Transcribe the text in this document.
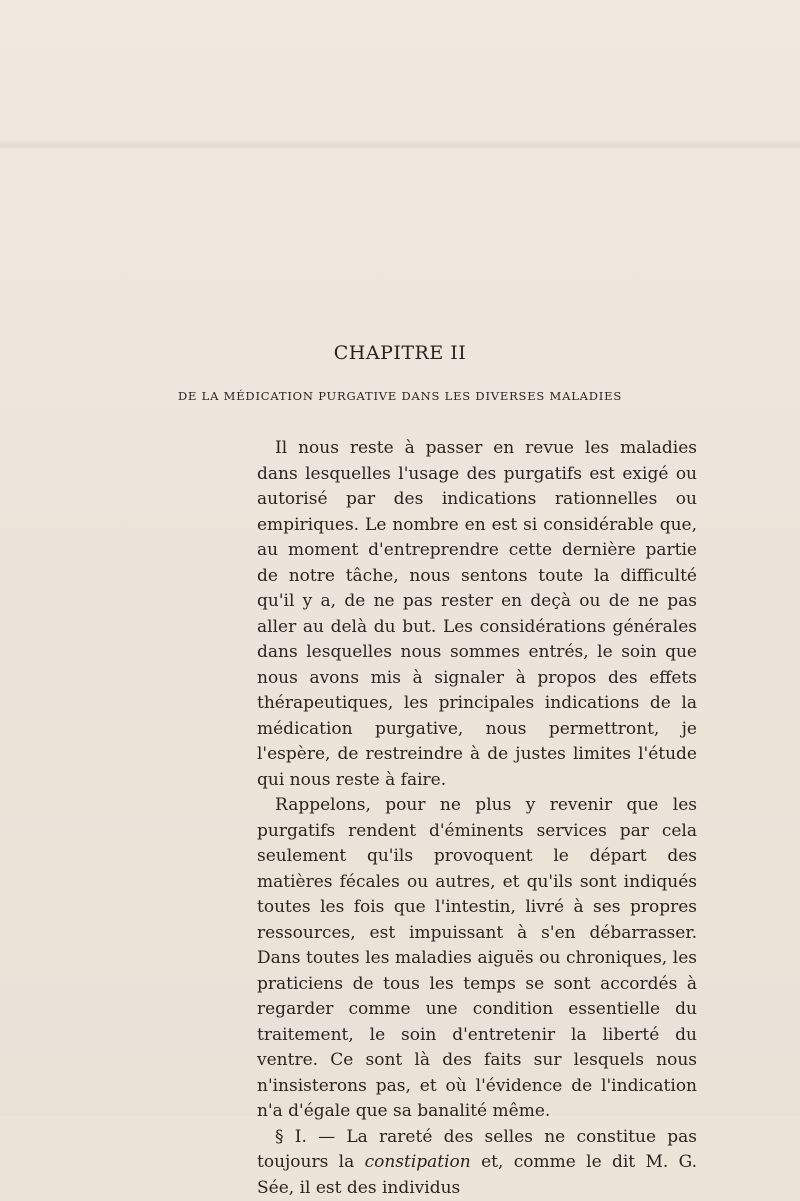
CHAPITRE II
DE LA MÉDICATION PURGATIVE DANS LES DIVERSES MALADIES

Il nous reste à passer en revue les maladies dans lesquelles l'usage des purgatifs est exigé ou autorisé par des indications rationnelles ou empiriques. Le nombre en est si considérable que, au moment d'entreprendre cette dernière partie de notre tâche, nous sentons toute la difficulté qu'il y a, de ne pas rester en deçà ou de ne pas aller au delà du but. Les considérations générales dans lesquelles nous sommes entrés, le soin que nous avons mis à signaler à propos des effets thérapeutiques, les principales indications de la médication purgative, nous permettront, je l'espère, de restreindre à de justes limites l'étude qui nous reste à faire.

Rappelons, pour ne plus y revenir que les purgatifs rendent d'éminents services par cela seulement qu'ils provoquent le départ des matières fécales ou autres, et qu'ils sont indiqués toutes les fois que l'intestin, livré à ses propres ressources, est impuissant à s'en débarrasser. Dans toutes les maladies aiguës ou chroniques, les praticiens de tous les temps se sont accordés à regarder comme une condition essentielle du traitement, le soin d'entretenir la liberté du ventre. Ce sont là des faits sur lesquels nous n'insisterons pas, et où l'évidence de l'indication n'a d'égale que sa banalité même.

§ I. — La rareté des selles ne constitue pas toujours la constipation et, comme le dit M. G. Sée, il est des individus
